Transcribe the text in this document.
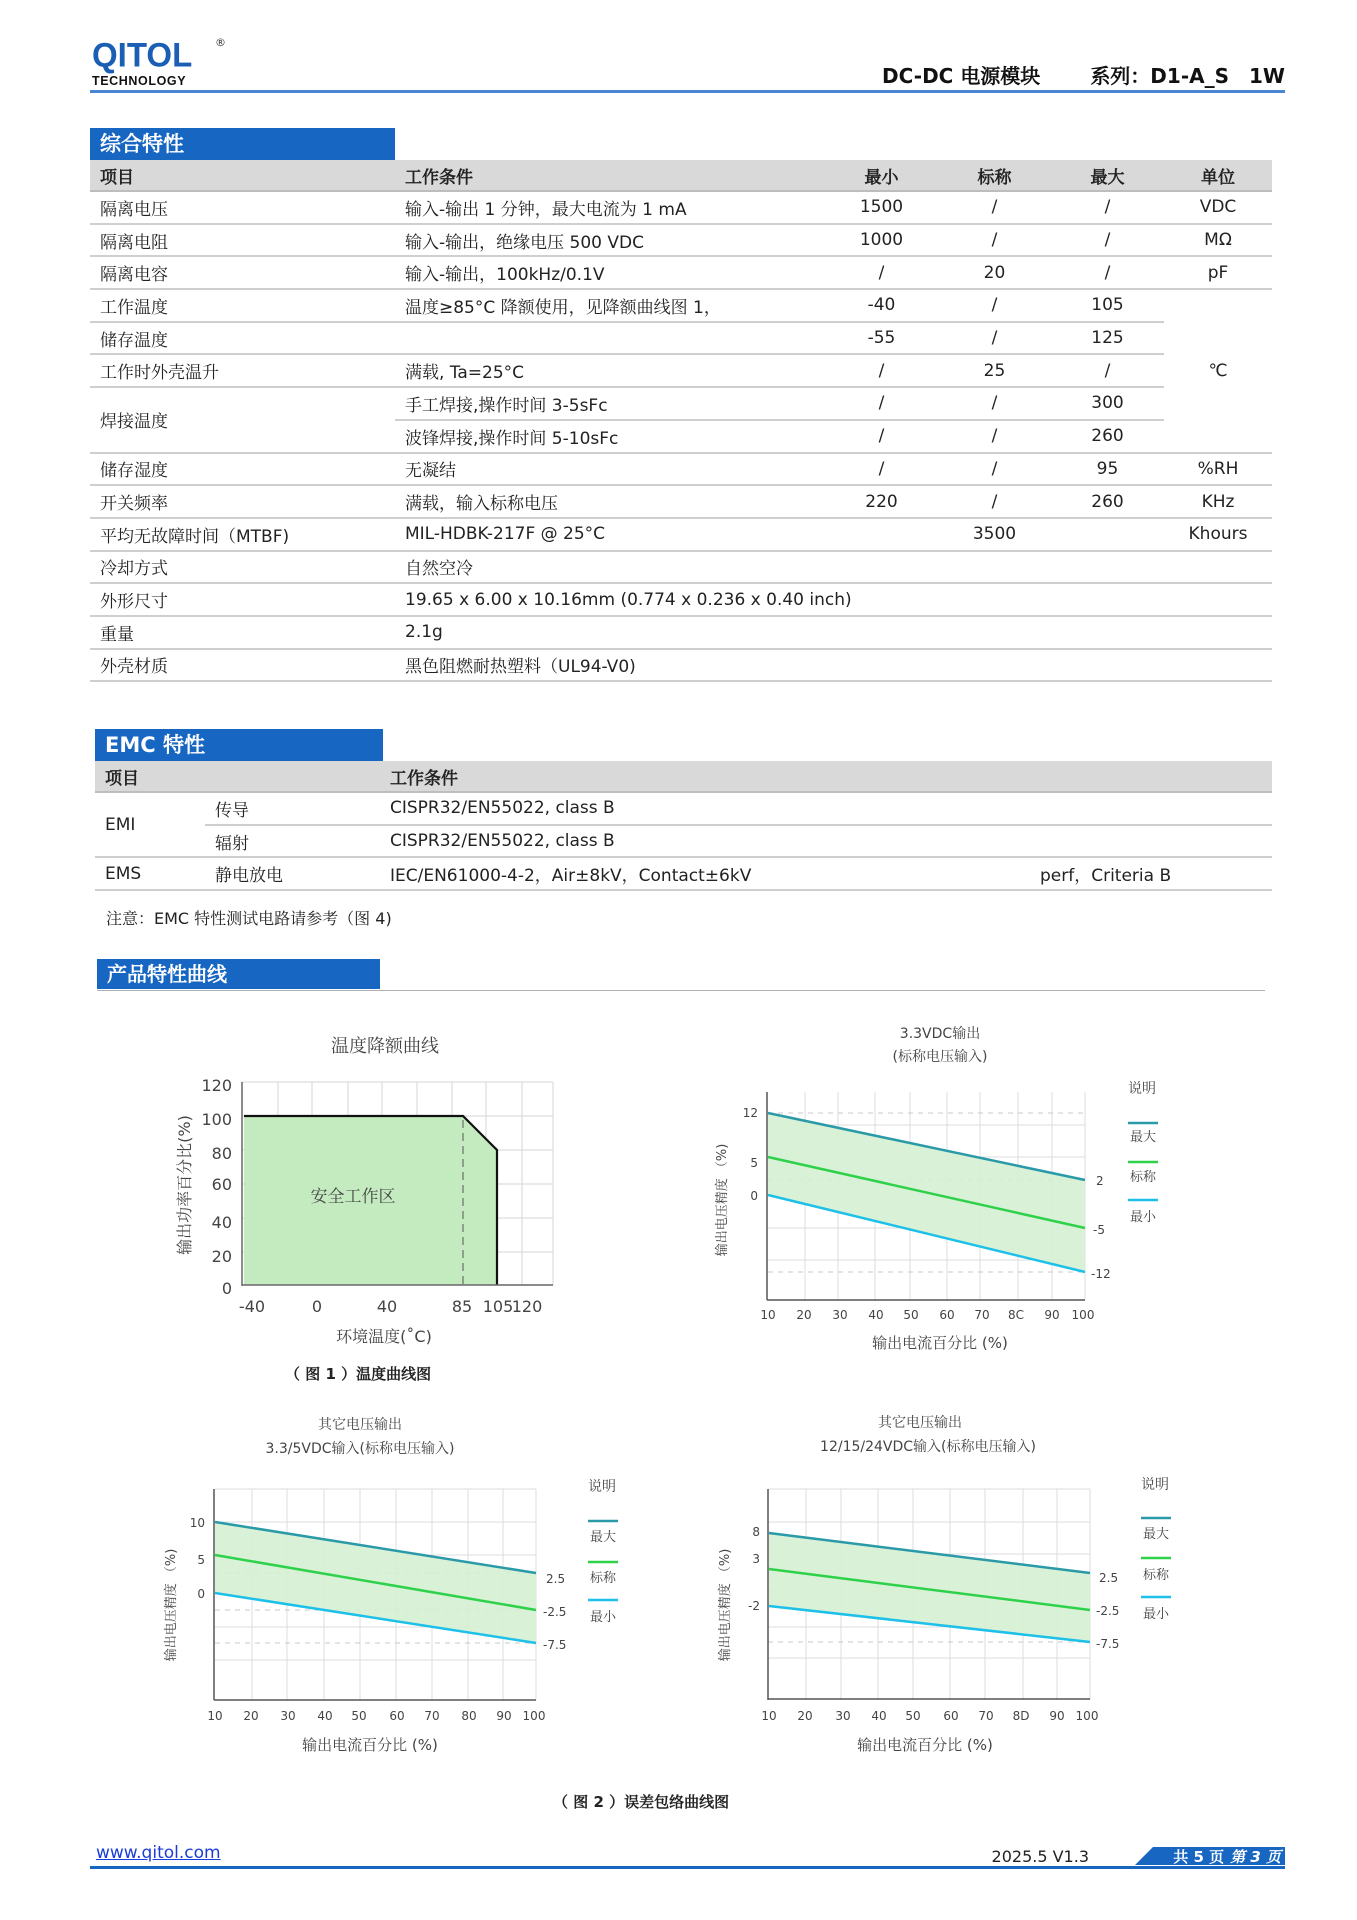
QITOL ®
TECHNOLOGY	DC-DC 电源模块	系列：D1-A_S 1W
综合特性
项目	工作条件	最小	标称	最大	单位
隔离电压	输入-输出 1 分钟，最大电流为 1 mA	1500	/	/	VDC
隔离电阻	输入-输出，绝缘电压 500 VDC	1000	/	/	MΩ
隔离电容	输入-输出，100kHz/0.1V	/	20	/	pF
工作温度	温度≥85°C 降额使用，见降额曲线图 1，	-40	/	105	℃
储存温度		-55	/	125	
工作时外壳温升	满载, Ta=25°C	/	25	/	
焊接温度	手工焊接,操作时间 3-5sFc	/	/	300	
	波锋焊接,操作时间 5-10sFc	/	/	260	
储存湿度	无凝结	/	/	95	%RH
开关频率	满载，输入标称电压	220	/	260	KHz
平均无故障时间（MTBF)	MIL-HDBK-217F @ 25°C	3500			Khours
冷却方式	自然空冷				
外形尺寸	19.65 x 6.00 x 10.16mm (0.774 x 0.236 x 0.40 inch)				
重量	2.1g				
外壳材质	黑色阻燃耐热塑料（UL94-V0)				
EMC 特性
项目		工作条件	
EMI	传导	CISPR32/EN55022, class B	
	辐射	CISPR32/EN55022, class B	
EMS	静电放电	IEC/EN61000-4-2，Air±8kV，Contact±6kV	perf，Criteria B
注意：EMC 特性测试电路请参考（图 4)
产品特性曲线
温度降额曲线
安全工作区
120
100
80
60
40
20
0
-40	0	40	85 105
120
环境温度(˚C)
输出功率百分比(%)
（ 图 1 ）温度曲线图
3.3VDC输出
(标称电压输入)
12
5
0
2
-5
-12
10 20 30 40 50 60 70 8C 90 100
输出电流百分比 (%)
输出电压精度 （%)
说明
最大
标称
最小
其它电压输出
3.3/5VDC输入(标称电压输入)
10
5
0
2.5
-2.5
-7.5
10 20 30 40 50 60 70 80 90 100
输出电流百分比 (%)
输出电压精度 （%)
说明
最大
标称
最小
其它电压输出
12/15/24VDC输入(标称电压输入)
8
3
-2
2.5
-2.5
-7.5
10 20 30 40 50 60 70 8D 90 100
输出电流百分比 (%)
输出电压精度 （%)
说明
最大
标称
最小
（ 图 2 ）误差包络曲线图
www.qitol.com	2025.5 V1.3	共 5 页 第 3 页
